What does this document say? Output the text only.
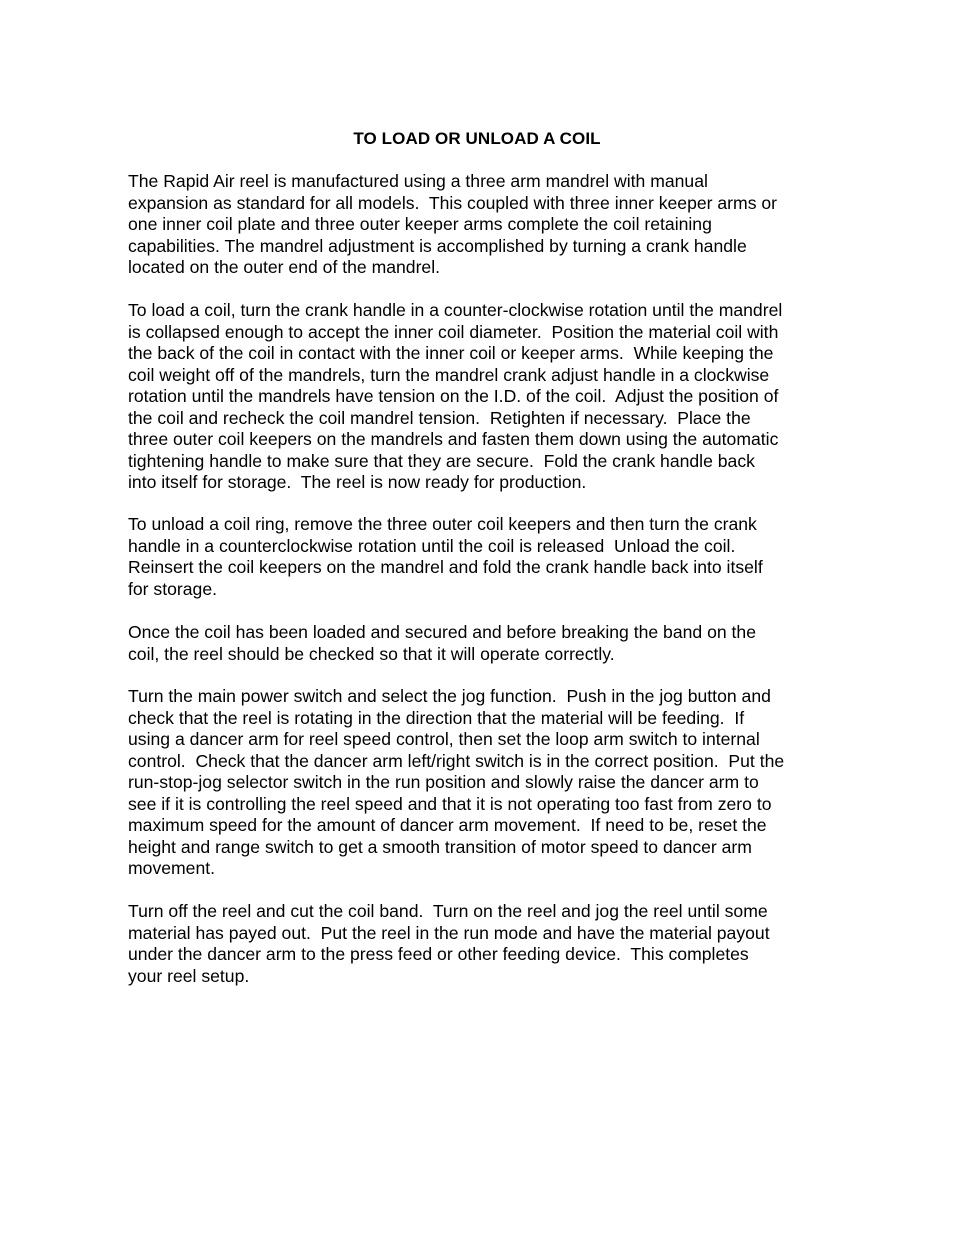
TO LOAD OR UNLOAD A COIL

The Rapid Air reel is manufactured using a three arm mandrel with manual
expansion as standard for all models.  This coupled with three inner keeper arms or
one inner coil plate and three outer keeper arms complete the coil retaining
capabilities. The mandrel adjustment is accomplished by turning a crank handle
located on the outer end of the mandrel.

To load a coil, turn the crank handle in a counter-clockwise rotation until the mandrel
is collapsed enough to accept the inner coil diameter.  Position the material coil with
the back of the coil in contact with the inner coil or keeper arms.  While keeping the
coil weight off of the mandrels, turn the mandrel crank adjust handle in a clockwise
rotation until the mandrels have tension on the I.D. of the coil.  Adjust the position of
the coil and recheck the coil mandrel tension.  Retighten if necessary.  Place the
three outer coil keepers on the mandrels and fasten them down using the automatic
tightening handle to make sure that they are secure.  Fold the crank handle back
into itself for storage.  The reel is now ready for production.

To unload a coil ring, remove the three outer coil keepers and then turn the crank
handle in a counterclockwise rotation until the coil is released  Unload the coil.
Reinsert the coil keepers on the mandrel and fold the crank handle back into itself
for storage.

Once the coil has been loaded and secured and before breaking the band on the
coil, the reel should be checked so that it will operate correctly.

Turn the main power switch and select the jog function.  Push in the jog button and
check that the reel is rotating in the direction that the material will be feeding.  If
using a dancer arm for reel speed control, then set the loop arm switch to internal
control.  Check that the dancer arm left/right switch is in the correct position.  Put the
run-stop-jog selector switch in the run position and slowly raise the dancer arm to
see if it is controlling the reel speed and that it is not operating too fast from zero to
maximum speed for the amount of dancer arm movement.  If need to be, reset the
height and range switch to get a smooth transition of motor speed to dancer arm
movement.

Turn off the reel and cut the coil band.  Turn on the reel and jog the reel until some
material has payed out.  Put the reel in the run mode and have the material payout
under the dancer arm to the press feed or other feeding device.  This completes
your reel setup.
